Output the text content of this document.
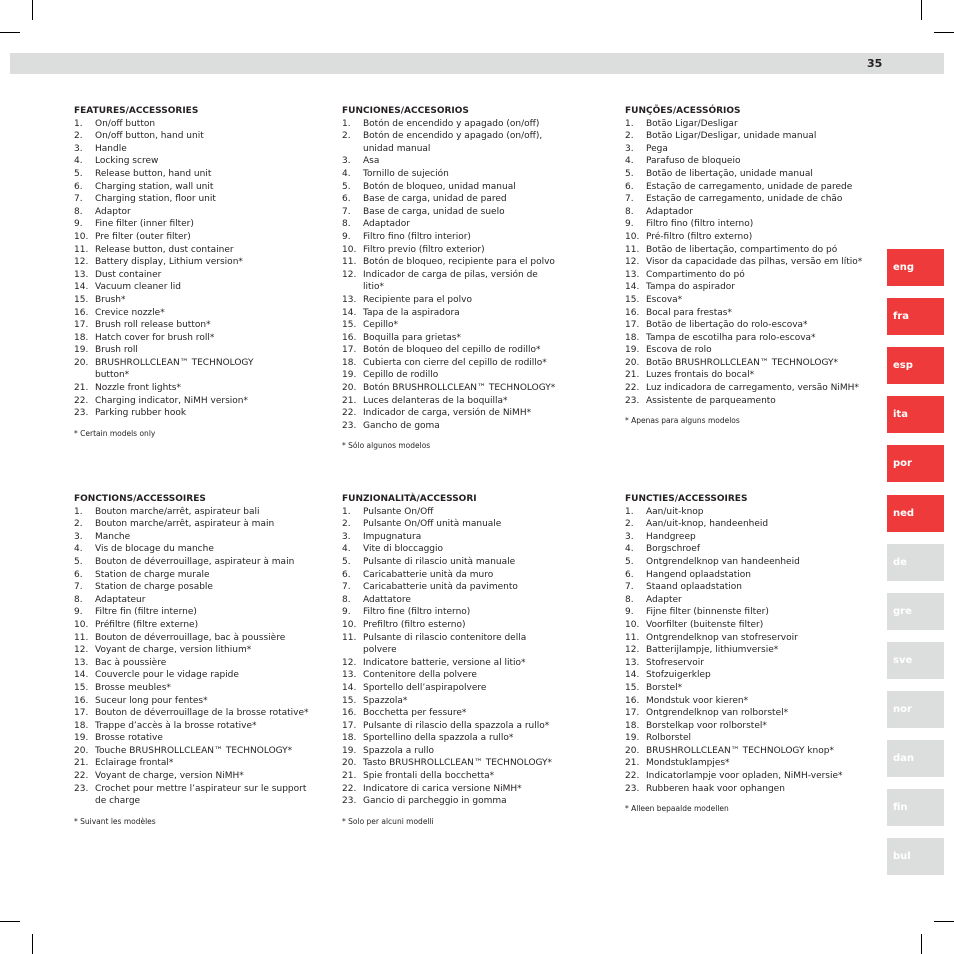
35
FEATURES/ACCESSORIES
1.	On/off button
2.	On/off button, hand unit
3.	Handle
4.	Locking screw
5.	Release button, hand unit
6.	Charging station, wall unit
7.	Charging station, floor unit
8.	Adaptor
9.	Fine filter (inner filter)
10. Pre filter (outer filter)
11. Release button, dust container
12. Battery display, Lithium version*
13. Dust container
14. Vacuum cleaner lid
15. Brush*
16. Crevice nozzle*
17. Brush roll release button*
18. Hatch cover for brush roll*
19. Brush roll
20. BRUSHROLLCLEAN™ TECHNOLOGY button*
21. Nozzle front lights*
22. Charging indicator, NiMH version*
23. Parking rubber hook
* Certain models only
FUNCIONES/ACCESORIOS
1.	Botón de encendido y apagado (on/off)
2.	Botón de encendido y apagado (on/off), unidad manual
3.	Asa
4.	Tornillo de sujeción
5.	Botón de bloqueo, unidad manual
6.	Base de carga, unidad de pared
7.	Base de carga, unidad de suelo
8.	Adaptador
9.	Filtro fino (filtro interior)
10. Filtro previo (filtro exterior)
11. Botón de bloqueo, recipiente para el polvo
12. Indicador de carga de pilas, versión de litio*
13. Recipiente para el polvo
14. Tapa de la aspiradora
15. Cepillo*
16. Boquilla para grietas*
17. Botón de bloqueo del cepillo de rodillo*
18. Cubierta con cierre del cepillo de rodillo*
19. Cepillo de rodillo
20. Botón BRUSHROLLCLEAN™ TECHNOLOGY*
21. Luces delanteras de la boquilla*
22. Indicador de carga, versión de NiMH*
23. Gancho de goma
* Sólo algunos modelos
FUNÇÕES/ACESSÓRIOS
1.	Botão Ligar/Desligar
2.	Botão Ligar/Desligar, unidade manual
3.	Pega
4.	Parafuso de bloqueio
5.	Botão de libertação, unidade manual
6.	Estação de carregamento, unidade de parede
7.	Estação de carregamento, unidade de chão
8.	Adaptador
9.	Filtro fino (filtro interno)
10. Pré-filtro (filtro externo)
11. Botão de libertação, compartimento do pó
12. Visor da capacidade das pilhas, versão em lítio*
13. Compartimento do pó
14. Tampa do aspirador
15. Escova*
16. Bocal para frestas*
17. Botão de libertação do rolo-escova*
18. Tampa de escotilha para rolo-escova*
19. Escova de rolo
20. Botão BRUSHROLLCLEAN™ TECHNOLOGY*
21. Luzes frontais do bocal*
22. Luz indicadora de carregamento, versão NiMH*
23. Assistente de parqueamento
* Apenas para alguns modelos
FONCTIONS/ACCESSOIRES
1.	Bouton marche/arrêt, aspirateur bali
2.	Bouton marche/arrêt, aspirateur à main
3.	Manche
4.	Vis de blocage du manche
5.	Bouton de déverrouillage, aspirateur à main
6.	Station de charge murale
7.	Station de charge posable
8.	Adaptateur
9.	Filtre fin (filtre interne)
10. Préfiltre (filtre externe)
11. Bouton de déverrouillage, bac à poussière
12. Voyant de charge, version lithium*
13. Bac à poussière
14. Couvercle pour le vidage rapide
15. Brosse meubles*
16. Suceur long pour fentes*
17. Bouton de déverrouillage de la brosse rotative*
18. Trappe d’accès à la brosse rotative*
19. Brosse rotative
20. Touche BRUSHROLLCLEAN™ TECHNOLOGY*
21. Eclairage frontal*
22. Voyant de charge, version NiMH*
23. Crochet pour mettre l’aspirateur sur le support de charge
* Suivant les modèles
FUNZIONALITÀ/ACCESSORI
1.	Pulsante On/Off
2.	Pulsante On/Off unità manuale
3.	Impugnatura
4.	Vite di bloccaggio
5.	Pulsante di rilascio unità manuale
6.	Caricabatterie unità da muro
7.	Caricabatterie unità da pavimento
8.	Adattatore
9.	Filtro fine (filtro interno)
10. Prefiltro (filtro esterno)
11. Pulsante di rilascio contenitore della polvere
12. Indicatore batterie, versione al litio*
13. Contenitore della polvere
14. Sportello dell’aspirapolvere
15. Spazzola*
16. Bocchetta per fessure*
17. Pulsante di rilascio della spazzola a rullo*
18. Sportellino della spazzola a rullo*
19. Spazzola a rullo
20. Tasto BRUSHROLLCLEAN™ TECHNOLOGY*
21. Spie frontali della bocchetta*
22. Indicatore di carica versione NiMH*
23. Gancio di parcheggio in gomma
* Solo per alcuni modelli
FUNCTIES/ACCESSOIRES
1.	Aan/uit-knop
2.	Aan/uit-knop, handeenheid
3.	Handgreep
4.	Borgschroef
5.	Ontgrendelknop van handeenheid
6.	Hangend oplaadstation
7.	Staand oplaadstation
8.	Adapter
9.	Fijne filter (binnenste filter)
10. Voorfilter (buitenste filter)
11. Ontgrendelknop van stofreservoir
12. Batterijlampje, lithiumversie*
13. Stofreservoir
14. Stofzuigerklep
15. Borstel*
16. Mondstuk voor kieren*
17. Ontgrendelknop van rolborstel*
18. Borstelkap voor rolborstel*
19. Rolborstel
20. BRUSHROLLCLEAN™ TECHNOLOGY knop*
21. Mondstuklampjes*
22. Indicatorlampje voor opladen, NiMH-versie*
23. Rubberen haak voor ophangen
* Alleen bepaalde modellen
eng
fra
esp
ita
por
ned
de
gre
sve
nor
dan
fin
bul
